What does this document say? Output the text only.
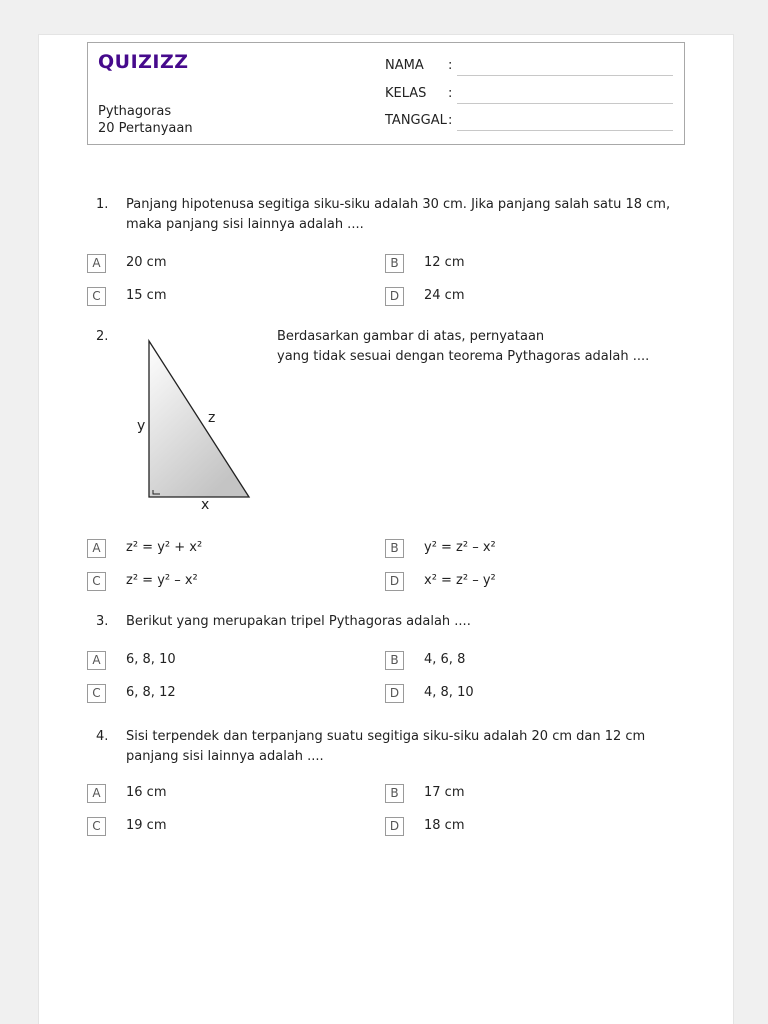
QUIZIZZ
Pythagoras
20 Pertanyaan
NAMA :
KELAS :
TANGGAL :
1. Panjang hipotenusa segitiga siku-siku adalah 30 cm. Jika panjang salah satu 18 cm, maka panjang sisi lainnya adalah ....
A	20 cm	B	12 cm
C	15 cm	D	24 cm
2.	Berdasarkan gambar di atas, pernyataan
yang tidak sesuai dengan teorema Pythagoras adalah ....
y	z
x
A	z² = y² + x²	B	y² = z² – x²
C	z² = y² – x²	D	x² = z² – y²
3. Berikut yang merupakan tripel Pythagoras adalah ....
A	6, 8, 10	B	4, 6, 8
C	6, 8, 12	D	4, 8, 10
4. Sisi terpendek dan terpanjang suatu segitiga siku-siku adalah 20 cm dan 12 cm panjang sisi lainnya adalah ....
A	16 cm	B	17 cm
C	19 cm	D	18 cm
